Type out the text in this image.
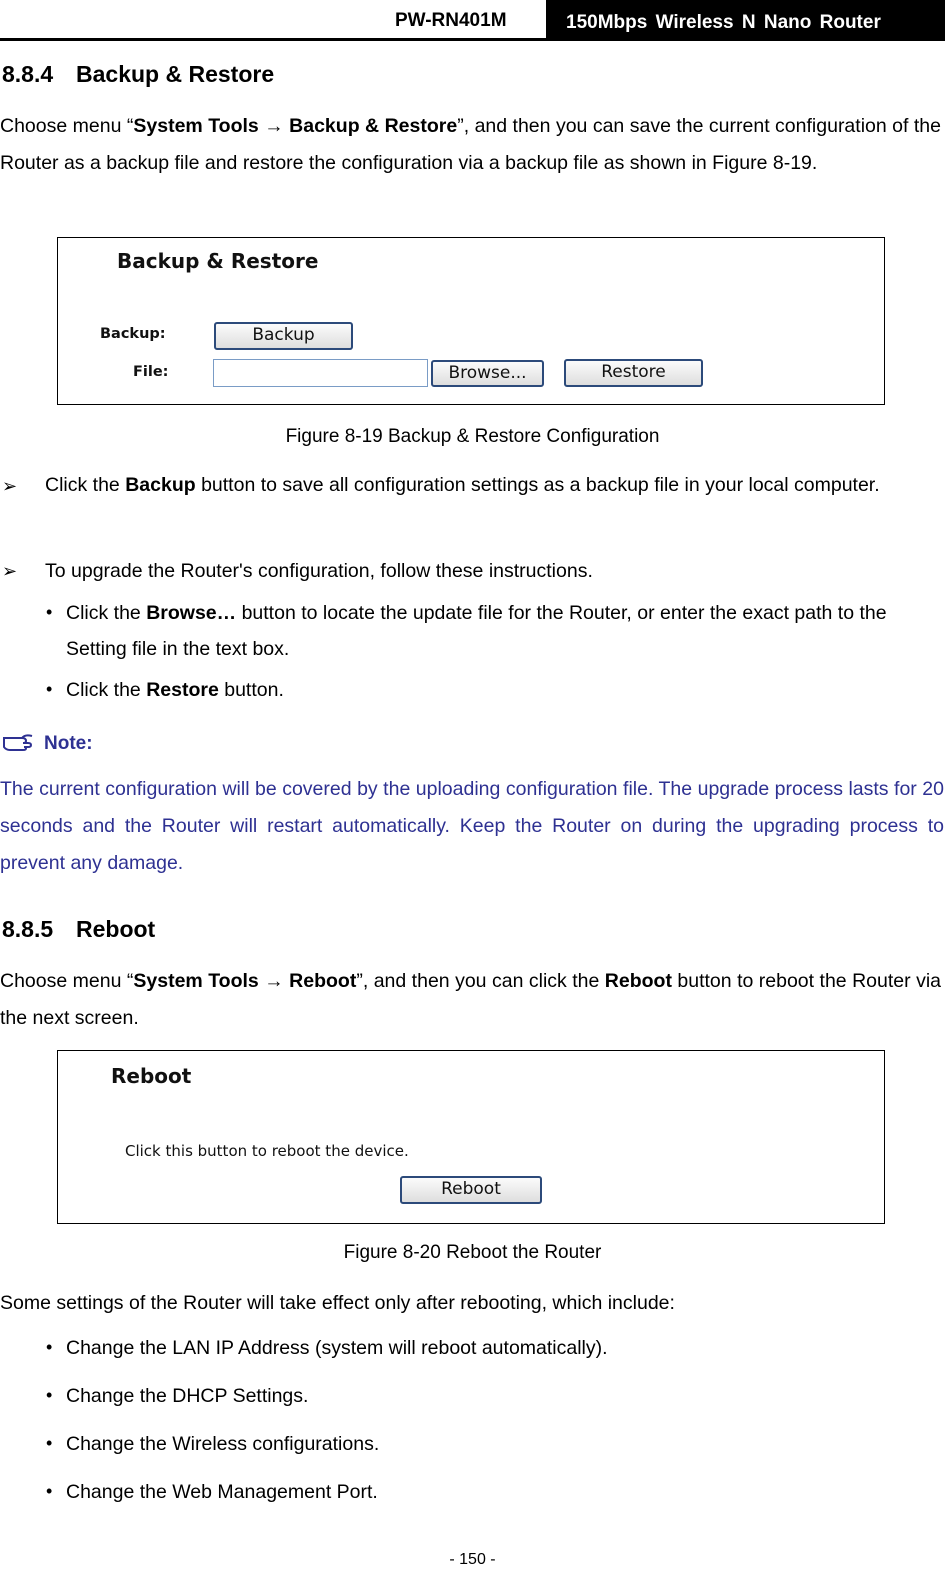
PW-RN401M	150Mbps Wireless N Nano Router
8.8.4 Backup & Restore
Choose menu “System Tools → Backup & Restore”, and then you can save the current configuration of the Router as a backup file and restore the configuration via a backup file as shown in Figure 8-19.
Backup & Restore
Backup:	Backup
File:	Browse...	Restore
Figure 8-19 Backup & Restore Configuration
➢ Click the Backup button to save all configuration settings as a backup file in your local computer.
➢ To upgrade the Router's configuration, follow these instructions.
• Click the Browse… button to locate the update file for the Router, or enter the exact path to the Setting file in the text box.
• Click the Restore button.
Note:
The current configuration will be covered by the uploading configuration file. The upgrade process lasts for 20 seconds and the Router will restart automatically. Keep the Router on during the upgrading process to prevent any damage.
8.8.5 Reboot
Choose menu “System Tools → Reboot”, and then you can click the Reboot button to reboot the Router via the next screen.
Reboot
Click this button to reboot the device.
Reboot
Figure 8-20 Reboot the Router
Some settings of the Router will take effect only after rebooting, which include:
• Change the LAN IP Address (system will reboot automatically).
• Change the DHCP Settings.
• Change the Wireless configurations.
• Change the Web Management Port.
- 150 -
